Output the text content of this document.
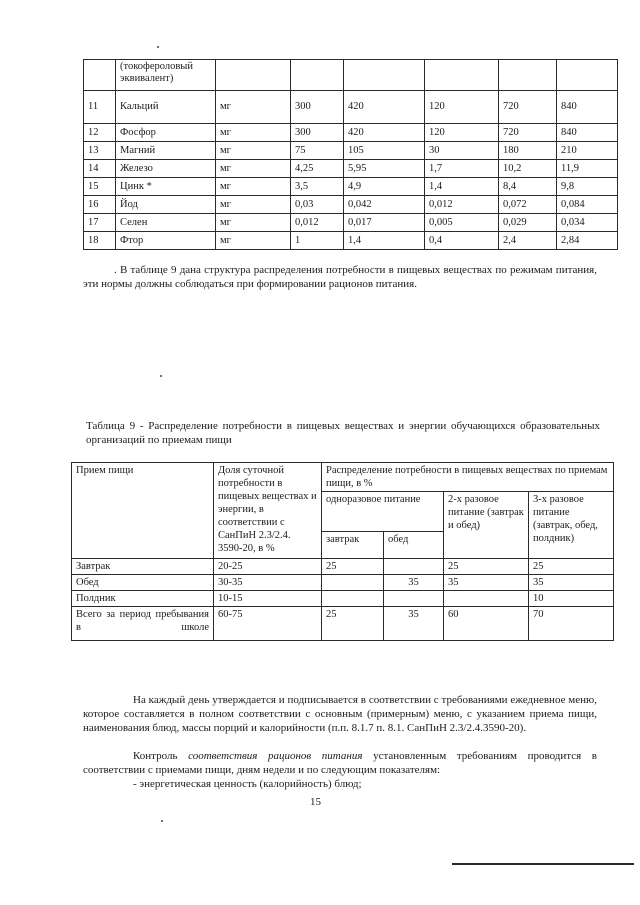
	(токофероловый эквивалент)						
11	Кальций	мг	300	420	120	720	840
12	Фосфор	мг	300	420	120	720	840
13	Магний	мг	75	105	30	180	210
14	Железо	мг	4,25	5,95	1,7	10,2	11,9
15	Цинк *	мг	3,5	4,9	1,4	8,4	9,8
16	Йод	мг	0,03	0,042	0,012	0,072	0,084
17	Селен	мг	0,012	0,017	0,005	0,029	0,034
18	Фтор	мг	1	1,4	0,4	2,4	2,84

. В таблице 9 дана структура распределения потребности в пищевых веществах по режимам питания, эти нормы должны соблюдаться при формировании рационов питания.

Таблица 9 - Распределение потребности в пищевых веществах и энергии обучающихся образовательных организаций по приемам пищи

Прием пищи	Доля суточной потребности в пищевых веществах и энергии, в соответствии с СанПиН 2.3/2.4. 3590-20, в %	Распределение потребности в пищевых веществах по приемам пищи, в %			
		одноразовое питание		2-х разовое питание (завтрак и обед)	3-х разовое питание (завтрак, обед, полдник)
		завтрак	обед		
Завтрак	20-25	25		25	25
Обед	30-35		35	35	35
Полдник	10-15				10
Всего за период пребывания в школе	60-75	25	35	60	70

На каждый день утверждается и подписывается в соответствии с требованиями ежедневное меню, которое составляется в полном соответствии с основным (примерным) меню, с указанием приема пищи, наименования блюд, массы порций и калорийности (п.п. 8.1.7 п. 8.1. СанПиН 2.3/2.4.3590-20).

Контроль соответствия рационов питания установленным требованиям проводится в соответствии с приемами пищи, дням недели и по следующим показателям:

- энергетическая ценность (калорийность) блюд;

15
